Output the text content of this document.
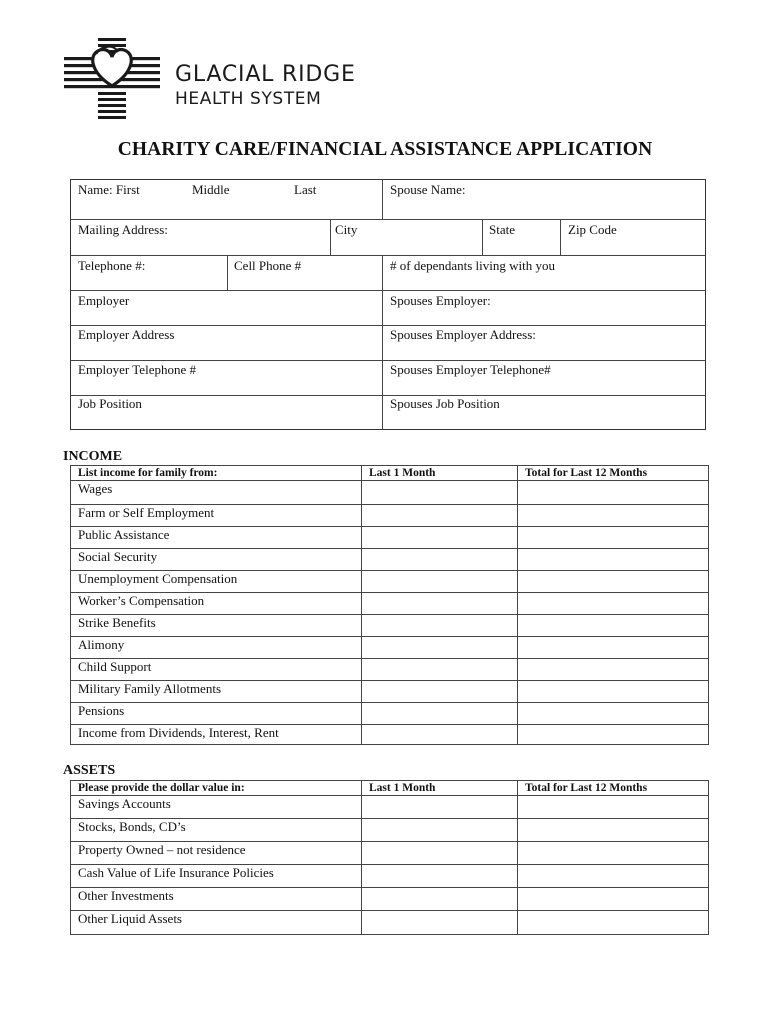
GLACIAL RIDGE
HEALTH SYSTEM
CHARITY CARE/FINANCIAL ASSISTANCE APPLICATION
Name: First	Middle	Last	Spouse Name:
Mailing Address:	City	State	Zip Code
Telephone #:	Cell Phone #	# of dependants living with you
Employer	Spouses Employer:
Employer Address	Spouses Employer Address:
Employer Telephone #	Spouses Employer Telephone#
Job Position	Spouses Job Position
INCOME
List income for family from:	Last 1 Month	Total for Last 12 Months
Wages		
Farm or Self Employment		
Public Assistance		
Social Security		
Unemployment Compensation		
Worker’s Compensation		
Strike Benefits		
Alimony		
Child Support		
Military Family Allotments		
Pensions		
Income from Dividends, Interest, Rent		
ASSETS
Please provide the dollar value in:	Last 1 Month	Total for Last 12 Months
Savings Accounts		
Stocks, Bonds, CD’s		
Property Owned – not residence		
Cash Value of Life Insurance Policies		
Other Investments		
Other Liquid Assets		
